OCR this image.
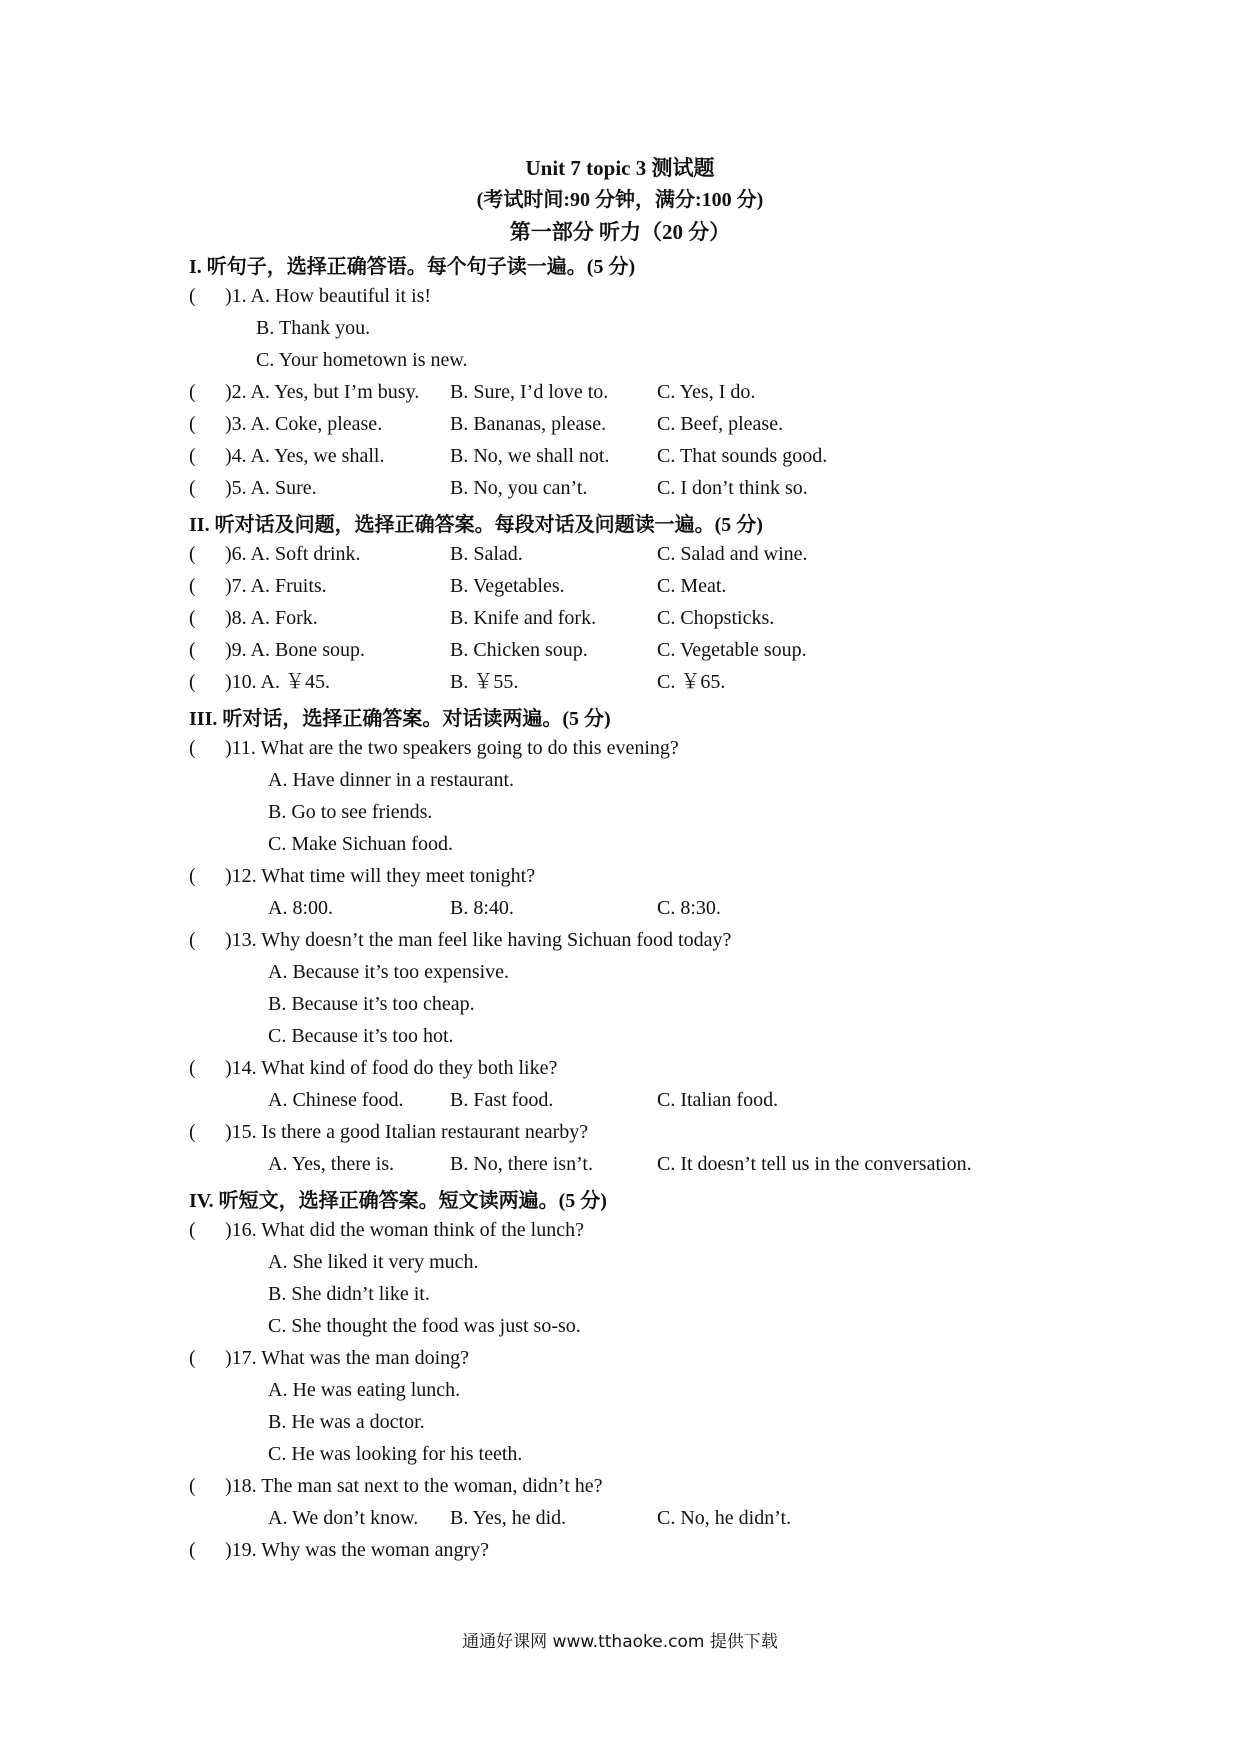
Unit 7 topic 3 测试题
(考试时间:90 分钟，满分:100 分)
第一部分 听力（20 分）
I. 听句子，选择正确答语。每个句子读一遍。(5 分)
( )1. A. How beautiful it is!
B. Thank you.
C. Your hometown is new.
( )2. A. Yes, but I’m busy. B. Sure, I’d love to. C. Yes, I do.
( )3. A. Coke, please.	B. Bananas, please.	C. Beef, please.
( )4. A. Yes, we shall.	B. No, we shall not. C. That sounds good.
( )5. A. Sure.	B. No, you can’t.	C. I don’t think so.
II. 听对话及问题，选择正确答案。每段对话及问题读一遍。(5 分)
( )6. A. Soft drink.	B. Salad.	C. Salad and wine.
( )7. A. Fruits.	B. Vegetables.	C. Meat.
( )8. A. Fork.	B. Knife and fork.	C. Chopsticks.
( )9. A. Bone soup.	B. Chicken soup.	C. Vegetable soup.
( )10. A. ￥45.	B. ￥55.	C. ￥65.
III. 听对话，选择正确答案。对话读两遍。(5 分)
( )11. What are the two speakers going to do this evening?
A. Have dinner in a restaurant.
B. Go to see friends.
C. Make Sichuan food.
( )12. What time will they meet tonight?
A. 8:00.	B. 8:40.	C. 8:30.
( )13. Why doesn’t the man feel like having Sichuan food today?
A. Because it’s too expensive.
B. Because it’s too cheap.
C. Because it’s too hot.
( )14. What kind of food do they both like?
A. Chinese food. B. Fast food.	C. Italian food.
( )15. Is there a good Italian restaurant nearby?
A. Yes, there is.	B. No, there isn’t.	C. It doesn’t tell us in the conversation.
IV. 听短文，选择正确答案。短文读两遍。(5 分)
( )16. What did the woman think of the lunch?
A. She liked it very much.
B. She didn’t like it.
C. She thought the food was just so-so.
( )17. What was the man doing?
A. He was eating lunch.
B. He was a doctor.
C. He was looking for his teeth.
( )18. The man sat next to the woman, didn’t he?
A. We don’t know. B. Yes, he did.	C. No, he didn’t.
( )19. Why was the woman angry?
通通好课网 www.tthaoke.com 提供下载
